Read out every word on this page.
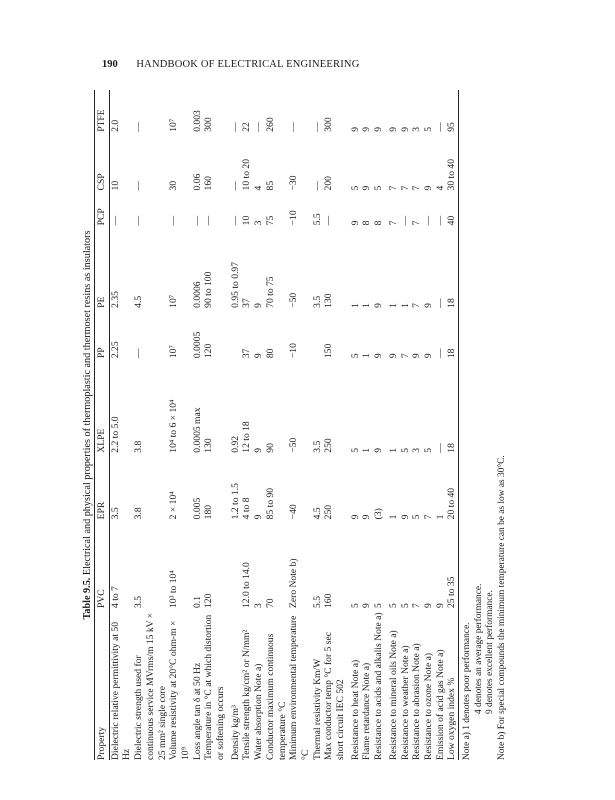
190 HANDBOOK OF ELECTRICAL ENGINEERING
Table 9.5. Electrical and physical properties of thermoplastic and thermoset resins as insulators
Property	PVC	EPR	XLPE	PP	PE	PCP	CSP	PTFE
Dielectric relative permittivity at 50 Hz	4 to 7	3.5	2.2 to 5.0	2.25	2.35	—	10	2.0
Dielectric strength used for continuous service MVrms/m 15 kV × 25 mm² single core	3.5	3.8	3.8	—	4.5	—	—	—
Volume resistivity at 20°C ohm-m × 10⁹	10³ to 10⁴	2 × 10⁴	10⁴ to 6 × 10⁴	10⁷	10⁷	—	30	10⁷
Loss angle tan δ at 50 Hz	0.1	0.005	0.0005 max	0.0005	0.0006	—	0.06	0.003
Temperature in °C at which distortion or softening occurs	120	180	130	120	90 to 100	—	160	300
Density kg/m³		1.2 to 1.5	0.92		0.95 to 0.97	—	—	—
Tensile strength kg/cm² or N/mm²	12.0 to 14.0	4 to 8	12 to 18	37	37	10	10 to 20	22
Water absorption Note a)	3	9	9	9	9	3	4	—
Conductor maximum continuous temperature °C	70	85 to 90	90	80	70 to 75	75	85	260
Minimum environmental temperature °C	Zero Note b)	−40	−50	−10	−50	−10	−30	—
Thermal resistivity Km/W	5.5	4.5	3.5		3.5	5.5	—	—
Max conductor temp °C for 5 sec short circuit IEC 502	160	250	250	150	130	—	200	300
Resistance to heat Note a)	5	9	5	5	1	9	5	9
Flame retardance Note a)	9	9	1	1	1	8	9	9
Resistance to acids and alkalis Note a)	5	(3)	9	9	9	8	5	9
Resistance to mineral oils Note a)	5	1	1	9	1	7	7	9
Resistance to weather Note a)	5	9	5	7	1	—	7	9
Resistance to abrasion Note a)	7	5	3	9	7	7	7	3
Resistance to ozone Note a)	9	7	5	9	9	—	9	5
Emission of acid gas Note a)	9	1	—	—	—	—	4	—
Low oxygen index %	25 to 35	20 to 40	18	18	18	40	30 to 40	95
Note a) 1 denotes poor performance. 4 denotes an average performance. 9 denotes excellent performance. Note b) For special compounds the minimum temperature can be as low as 30°C.
